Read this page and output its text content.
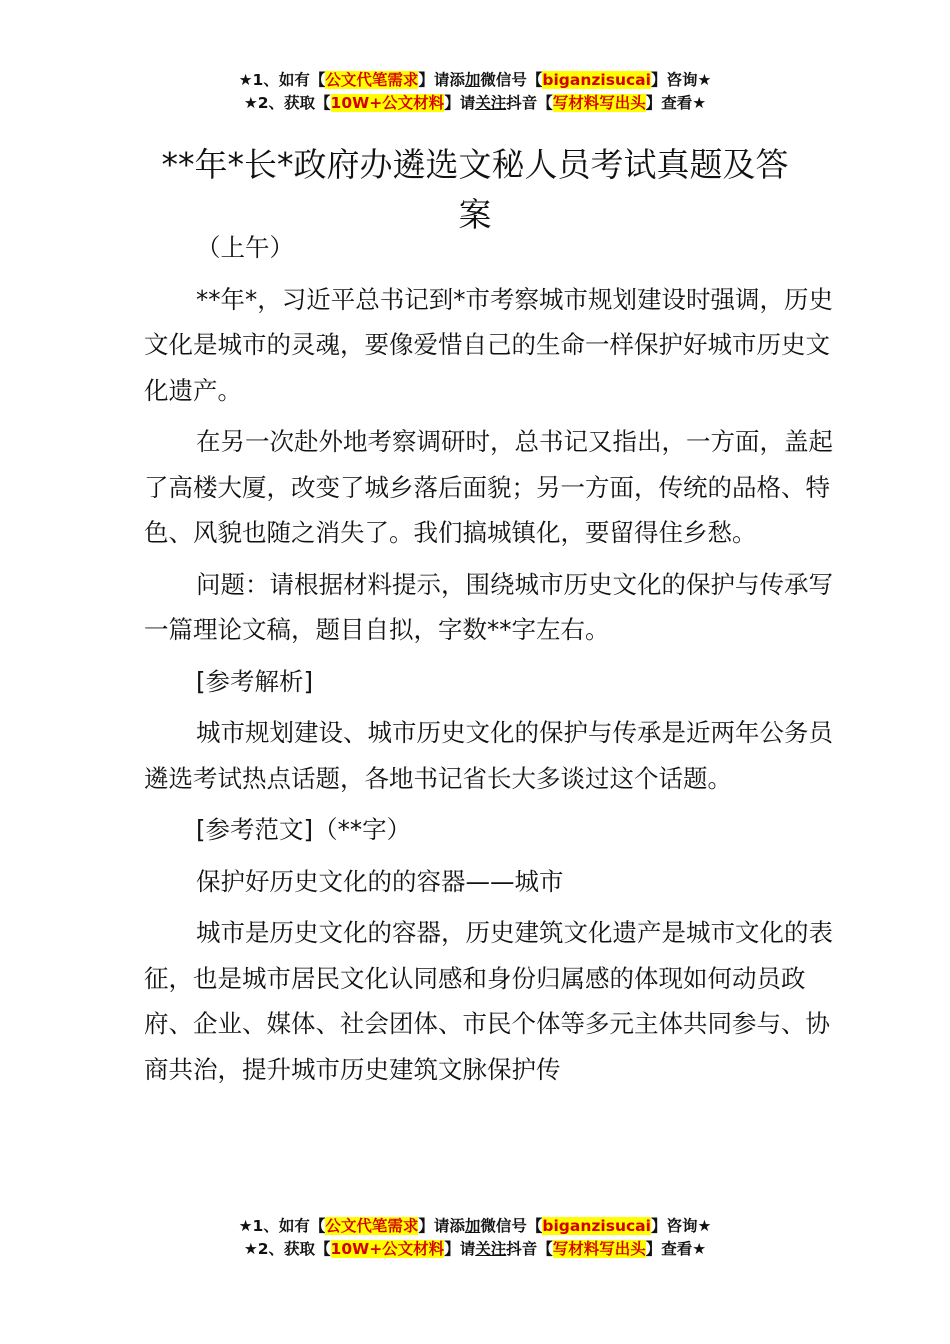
★1、如有【公文代笔需求】请添加微信号【biganzisucai】咨询★
★2、获取【10W+公文材料】请关注抖音【写材料写出头】查看★
**年*长*政府办遴选文秘人员考试真题及答案

（上午）

**年*，习近平总书记到*市考察城市规划建设时强调，历史文化是城市的灵魂，要像爱惜自己的生命一样保护好城市历史文化遗产。

在另一次赴外地考察调研时，总书记又指出，一方面，盖起了高楼大厦，改变了城乡落后面貌；另一方面，传统的品格、特色、风貌也随之消失了。我们搞城镇化，要留得住乡愁。

问题：请根据材料提示，围绕城市历史文化的保护与传承写一篇理论文稿，题目自拟，字数**字左右。

[参考解析]

城市规划建设、城市历史文化的保护与传承是近两年公务员遴选考试热点话题，各地书记省长大多谈过这个话题。

[参考范文]（**字）

保护好历史文化的的容器——城市

城市是历史文化的容器，历史建筑文化遗产是城市文化的表征，也是城市居民文化认同感和身份归属感的体现如何动员政府、企业、媒体、社会团体、市民个体等多元主体共同参与、协商共治，提升城市历史建筑文脉保护传

★1、如有【公文代笔需求】请添加微信号【biganzisucai】咨询★
★2、获取【10W+公文材料】请关注抖音【写材料写出头】查看★
